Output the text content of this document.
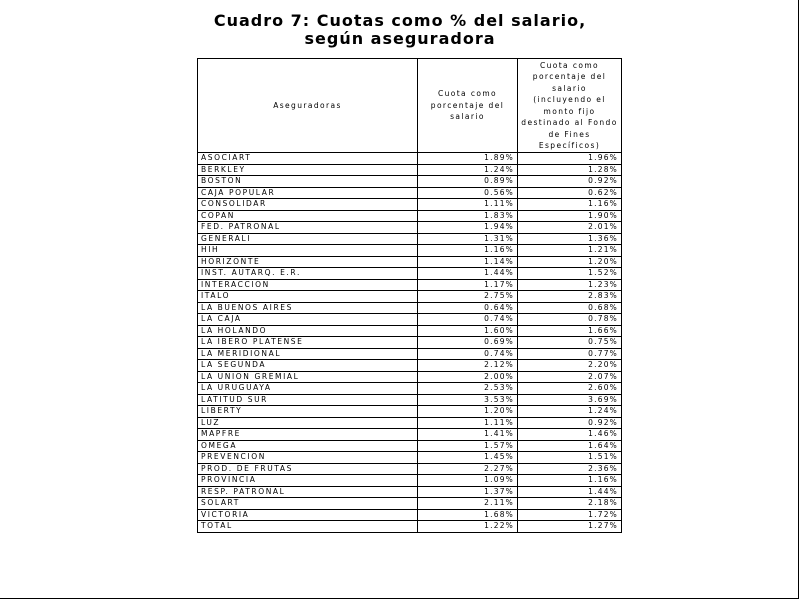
Cuadro 7: Cuotas como % del salario,
según aseguradora
Aseguradoras	Cuota como porcentaje del salario	Cuota como porcentaje del salario (incluyendo el monto fijo destinado al Fondo de Fines Específicos)
ASOCIART	1.89%	1.96%
BERKLEY	1.24%	1.28%
BOSTON	0.89%	0.92%
CAJA POPULAR	0.56%	0.62%
CONSOLIDAR	1.11%	1.16%
COPAN	1.83%	1.90%
FED. PATRONAL	1.94%	2.01%
GENERALI	1.31%	1.36%
HIH	1.16%	1.21%
HORIZONTE	1.14%	1.20%
INST. AUTARQ. E.R.	1.44%	1.52%
INTERACCION	1.17%	1.23%
ITALO	2.75%	2.83%
LA BUENOS AIRES	0.64%	0.68%
LA CAJA	0.74%	0.78%
LA HOLANDO	1.60%	1.66%
LA IBERO PLATENSE	0.69%	0.75%
LA MERIDIONAL	0.74%	0.77%
LA SEGUNDA	2.12%	2.20%
LA UNION GREMIAL	2.00%	2.07%
LA URUGUAYA	2.53%	2.60%
LATITUD SUR	3.53%	3.69%
LIBERTY	1.20%	1.24%
LUZ	1.11%	0.92%
MAPFRE	1.41%	1.46%
OMEGA	1.57%	1.64%
PREVENCION	1.45%	1.51%
PROD. DE FRUTAS	2.27%	2.36%
PROVINCIA	1.09%	1.16%
RESP. PATRONAL	1.37%	1.44%
SOLART	2.11%	2.18%
VICTORIA	1.68%	1.72%
TOTAL	1.22%	1.27%
